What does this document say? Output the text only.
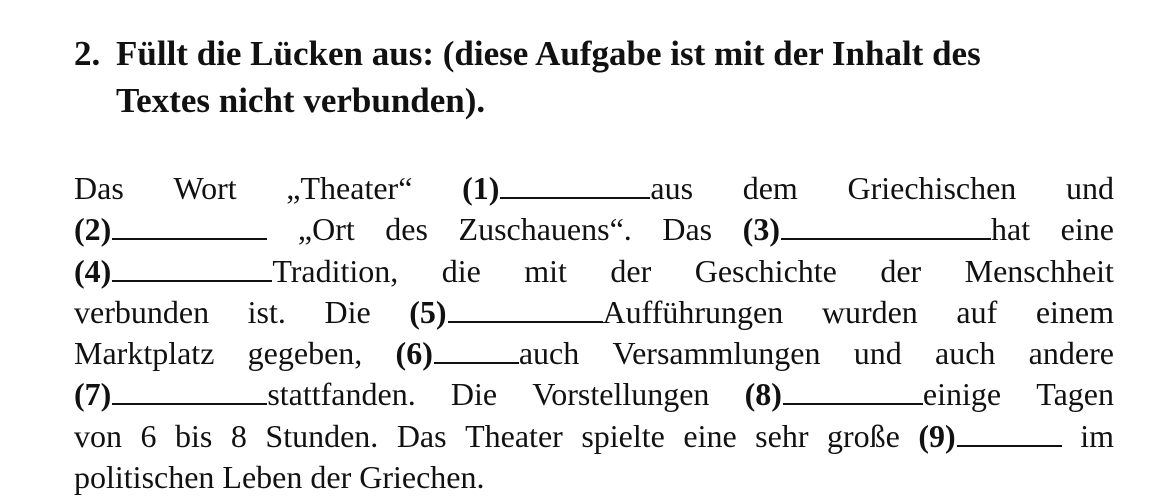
2. Füllt die Lücken aus: (diese Aufgabe ist mit der Inhalt des
Textes nicht verbunden).
Das Wort „Theater“ (1)	aus dem Griechischen und
(2)	„Ort des Zuschauens“. Das (3)	hat eine
(4)	Tradition, die mit der Geschichte der Menschheit
verbunden ist. Die (5)	Aufführungen wurden auf einem
Marktplatz gegeben, (6)	auch Versammlungen und auch andere
(7)	stattfanden. Die Vorstellungen (8)	einige Tagen
von 6 bis 8 Stunden. Das Theater spielte eine sehr große (9)	im
politischen Leben der Griechen.
